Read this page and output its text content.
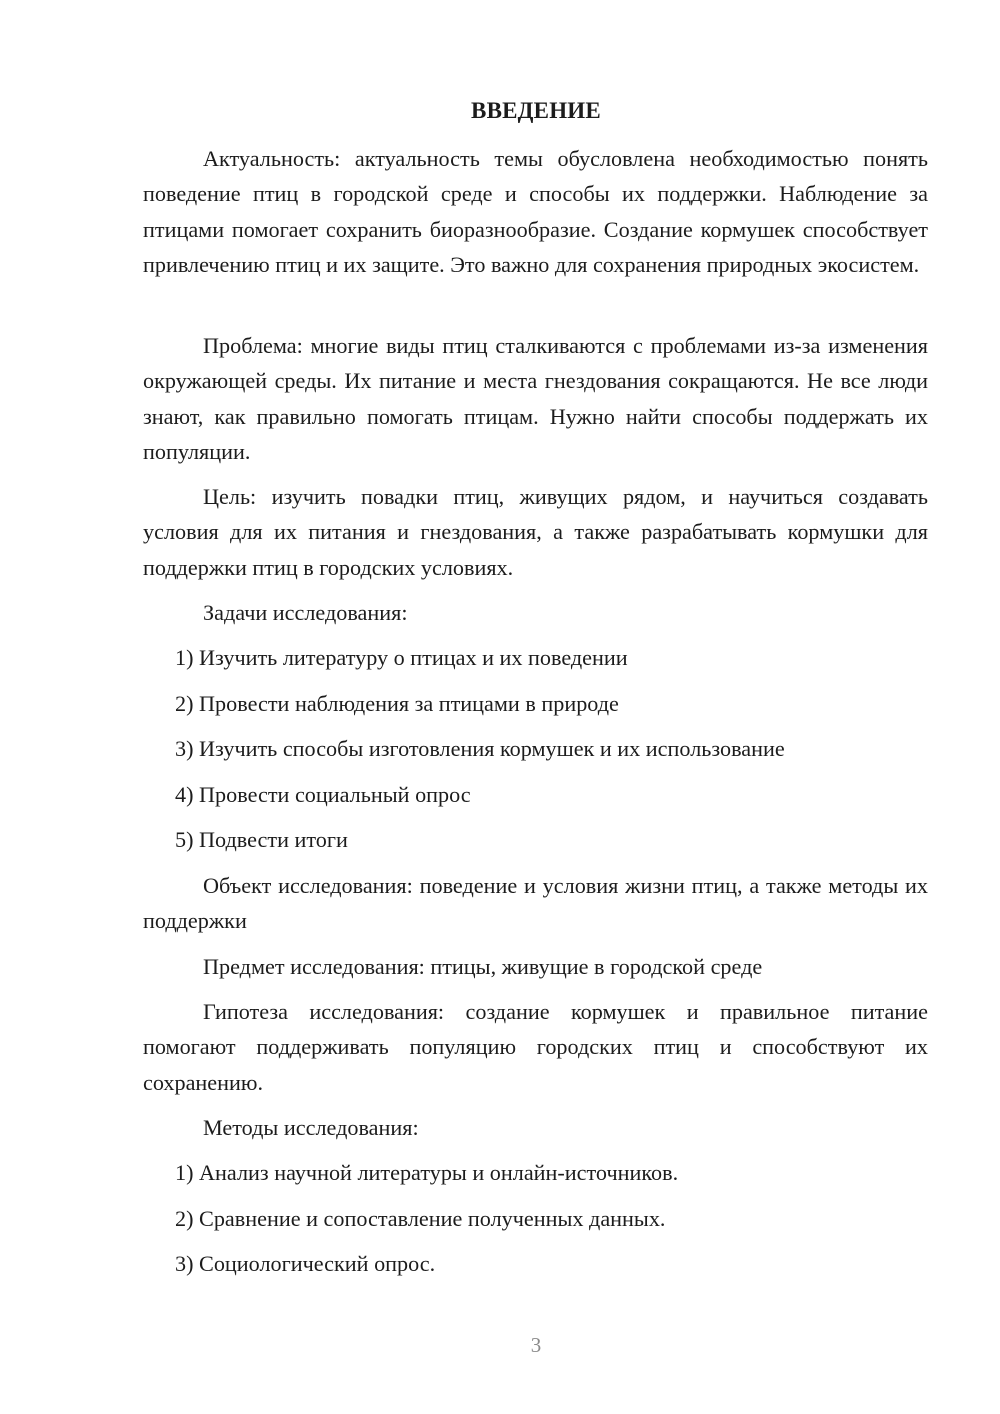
ВВЕДЕНИЕ

Актуальность: актуальность темы обусловлена необходимостью понять поведение птиц в городской среде и способы их поддержки. Наблюдение за птицами помогает сохранить биоразнообразие. Создание кормушек способствует привлечению птиц и их защите. Это важно для сохранения природных экосистем.

Проблема: многие виды птиц сталкиваются с проблемами из-за изменения окружающей среды. Их питание и места гнездования сокращаются. Не все люди знают, как правильно помогать птицам. Нужно найти способы поддержать их популяции.

Цель: изучить повадки птиц, живущих рядом, и научиться создавать условия для их питания и гнездования, а также разрабатывать кормушки для поддержки птиц в городских условиях.

Задачи исследования:

1) Изучить литературу о птицах и их поведении

2) Провести наблюдения за птицами в природе

3) Изучить способы изготовления кормушек и их использование

4) Провести социальный опрос

5) Подвести итоги

Объект исследования: поведение и условия жизни птиц, а также методы их поддержки

Предмет исследования: птицы, живущие в городской среде

Гипотеза исследования: создание кормушек и правильное питание помогают поддерживать популяцию городских птиц и способствуют их сохранению.

Методы исследования:

1) Анализ научной литературы и онлайн-источников.

2) Сравнение и сопоставление полученных данных.

3) Социологический опрос.

3
